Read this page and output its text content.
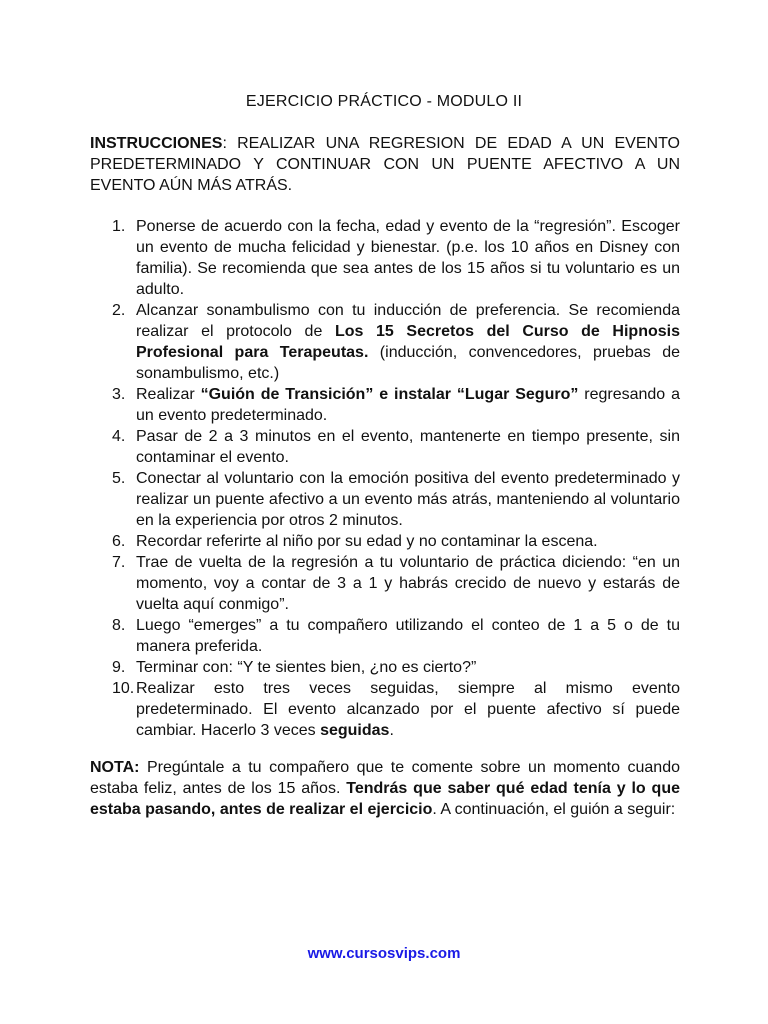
EJERCICIO PRÁCTICO - MODULO II
INSTRUCCIONES: REALIZAR UNA REGRESION DE EDAD A UN EVENTO PREDETERMINADO Y CONTINUAR CON UN PUENTE AFECTIVO A UN EVENTO AÚN MÁS ATRÁS.
1. Ponerse de acuerdo con la fecha, edad y evento de la “regresión”. Escoger un evento de mucha felicidad y bienestar. (p.e. los 10 años en Disney con familia). Se recomienda que sea antes de los 15 años si tu voluntario es un adulto.
2. Alcanzar sonambulismo con tu inducción de preferencia. Se recomienda realizar el protocolo de Los 15 Secretos del Curso de Hipnosis Profesional para Terapeutas. (inducción, convencedores, pruebas de sonambulismo, etc.)
3. Realizar “Guión de Transición” e instalar “Lugar Seguro” regresando a un evento predeterminado.
4. Pasar de 2 a 3 minutos en el evento, mantenerte en tiempo presente, sin contaminar el evento.
5. Conectar al voluntario con la emoción positiva del evento predeterminado y realizar un puente afectivo a un evento más atrás, manteniendo al voluntario en la experiencia por otros 2 minutos.
6. Recordar referirte al niño por su edad y no contaminar la escena.
7. Trae de vuelta de la regresión a tu voluntario de práctica diciendo: “en un momento, voy a contar de 3 a 1 y habrás crecido de nuevo y estarás de vuelta aquí conmigo”.
8. Luego “emerges” a tu compañero utilizando el conteo de 1 a 5 o de tu manera preferida.
9. Terminar con: “Y te sientes bien, ¿no es cierto?”
10. Realizar esto tres veces seguidas, siempre al mismo evento predeterminado. El evento alcanzado por el puente afectivo sí puede cambiar. Hacerlo 3 veces seguidas.
NOTA: Pregúntale a tu compañero que te comente sobre un momento cuando estaba feliz, antes de los 15 años. Tendrás que saber qué edad tenía y lo que estaba pasando, antes de realizar el ejercicio. A continuación, el guión a seguir:
www.cursosvips.com
